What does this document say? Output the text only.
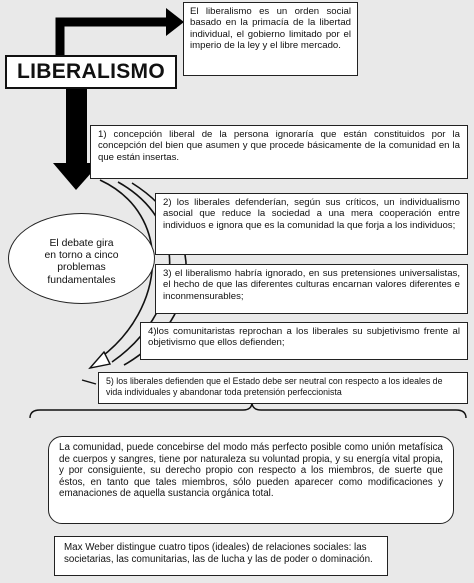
El liberalismo es un orden social basado en la primacía de la libertad individual, el gobierno limitado por el imperio de la ley y el libre mercado.
LIBERALISMO
1) concepción liberal de la persona ignoraría que están constituidos por la concepción del bien que asumen y que procede básicamente de la comunidad en la que están insertas.
El debate gira
en torno a cinco
problemas
fundamentales
2) los liberales defenderían, según sus críticos, un individualismo asocial que reduce la sociedad a una mera cooperación entre individuos e ignora que es la comunidad la que forja a los individuos;
3) el liberalismo habría ignorado, en sus pretensiones universalistas, el hecho de que las diferentes culturas encarnan valores diferentes e inconmensurables;
4)los comunitaristas reprochan a los liberales su subjetivismo frente al objetivismo que ellos defienden;
5) los liberales defienden que el Estado debe ser neutral con respecto a los ideales de vida individuales y abandonar toda pretensión perfeccionista
La comunidad, puede concebirse del modo más perfecto posible como unión metafísica de cuerpos y sangres, tiene por naturaleza su voluntad propia, y su energía vital propia, y por consiguiente, su derecho propio con respecto a los miembros, de suerte que éstos, en tanto que tales miembros, sólo pueden aparecer como modificaciones y emanaciones de aquella sustancia orgánica total.
Max Weber distingue cuatro tipos (ideales) de relaciones sociales: las societarias, las comunitarias, las de lucha y las de poder o dominación.
